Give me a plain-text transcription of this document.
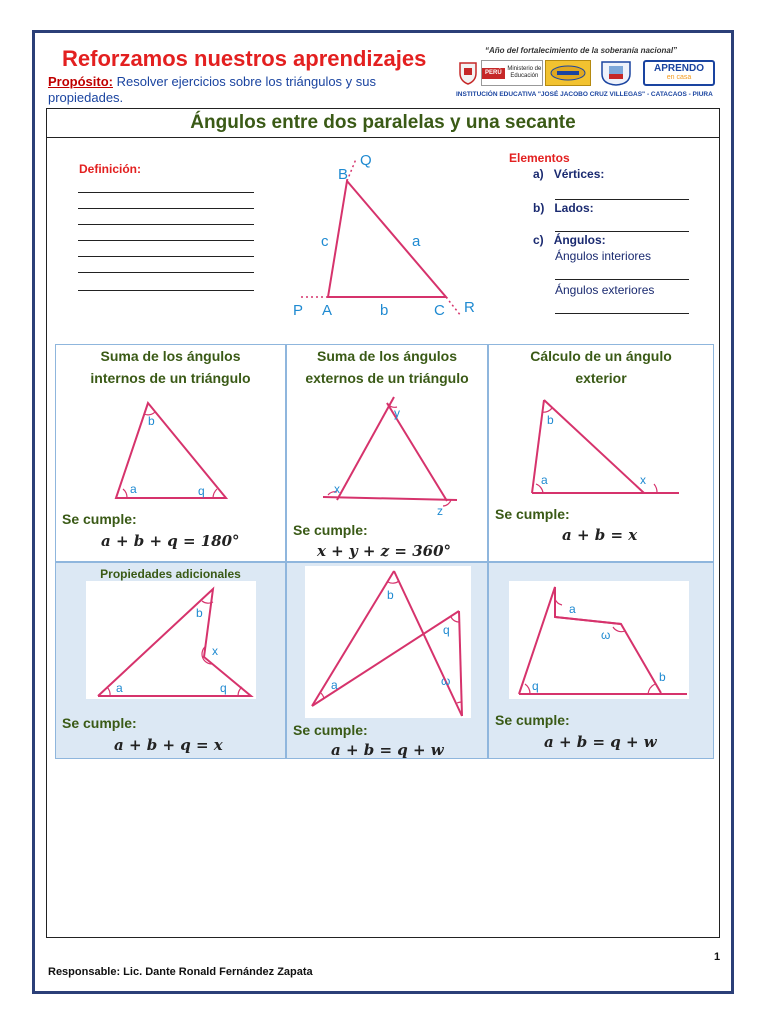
Reforzamos nuestros aprendizajes
Propósito: Resolver ejercicios sobre los triángulos y sus propiedades.
“Año del fortalecimiento de la soberanía nacional”
PERÚ
Ministerio de Educación
APRENDO
en casa
INSTITUCIÓN EDUCATIVA "JOSÉ JACOBO CRUZ VILLEGAS" - CATACAOS - PIURA
Ángulos entre dos paralelas y una secante
Definición:	B
Q
c	a
P A	b	C R
Elementos
a) Vértices:
b) Lados:
c) Ángulos:
Ángulos interiores
Ángulos exteriores
Suma de los ángulos
internos de un triángulo
b
a	q
Se cumple:
a + b + q = 180°
Suma de los ángulos
externos de un triángulo
y
x
z
Se cumple:
x + y + z = 360°
Cálculo de un ángulo
exterior
b
a	x
Se cumple:
a + b = x
Propiedades adicionales
b
x
a	q
Se cumple:
a + b + q = x
b
q
a	ω
Se cumple:
a + b = q + w
a
ω
q
b
Se cumple:
a + b = q + w
1
Responsable: Lic. Dante Ronald Fernández Zapata
